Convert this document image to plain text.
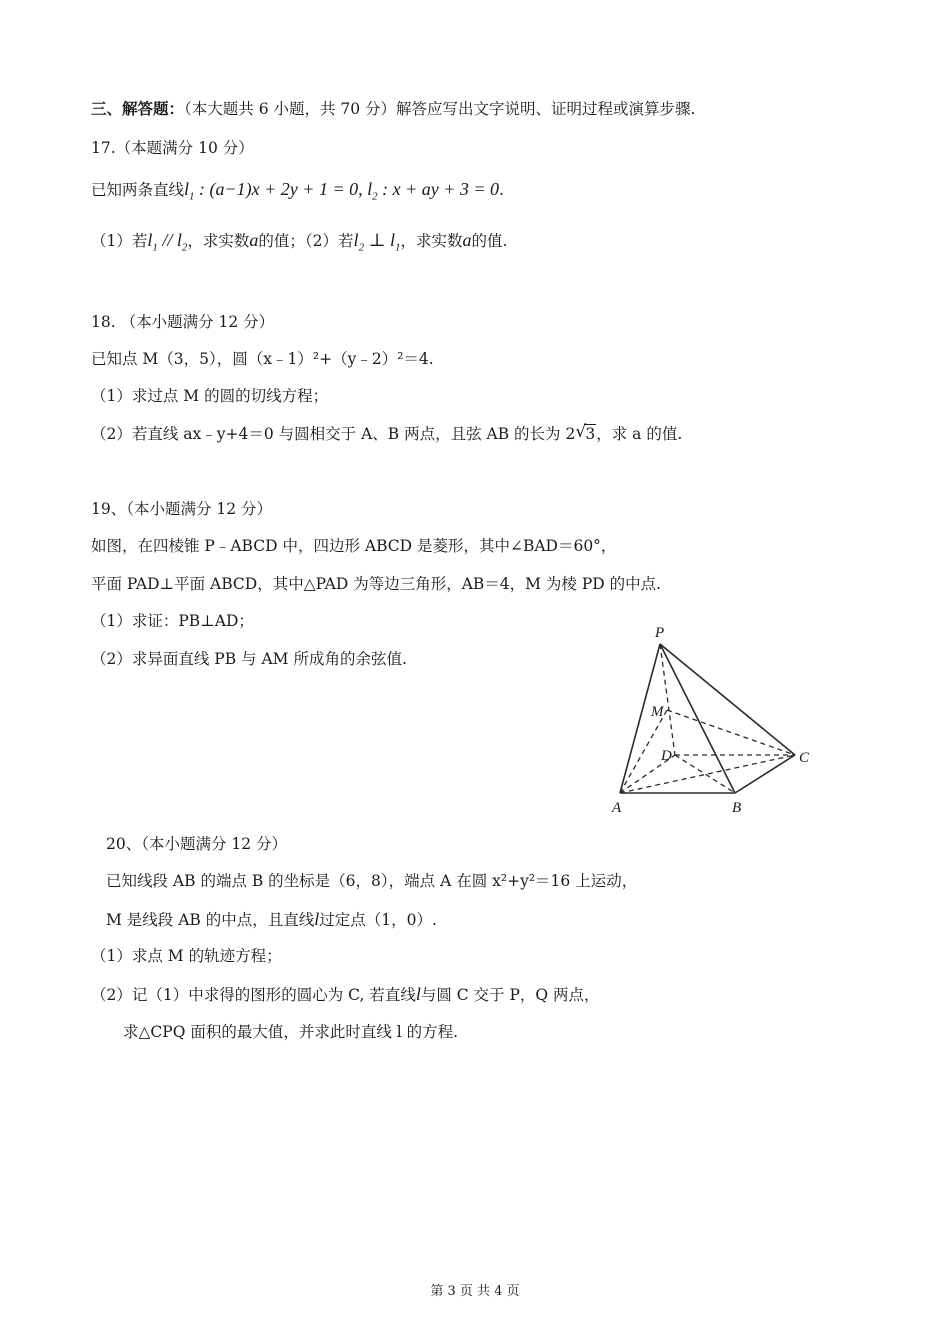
三、解答题：（本大题共 6 小题，共 70 分）解答应写出文字说明、证明过程或演算步骤.
17.（本题满分 10 分）
已知两条直线$l_1$ : (a−1)x + 2y + 1 = 0, $l_2$ : x + ay + 3 = 0.
（1）若$l_1 // l_2$，求实数a的值；（2）若$l_2$ ⊥ $l_1$，求实数a的值.
18. （本小题满分 12 分）
已知点 M（3，5），圆（x﹣1）²+（y﹣2）²＝4.
（1）求过点 M 的圆的切线方程；
（2）若直线 ax﹣y+4＝0 与圆相交于 A、B 两点，且弦 AB 的长为 2√ 3，求 a 的值.
19、（本小题满分 12 分）
如图，在四棱锥 P﹣ABCD 中，四边形 ABCD 是菱形，其中∠BAD＝60°，
平面 PAD⊥平面 ABCD，其中△PAD 为等边三角形，AB＝4，M 为棱 PD 的中点.
（1）求证：PB⊥AD；
（2）求异面直线 PB 与 AM 所成角的余弦值.
P
M
D	C
A	B
20、（本小题满分 12 分）
已知线段 AB 的端点 B 的坐标是（6，8），端点 A 在圆 x²+y²＝16 上运动，
M 是线段 AB 的中点，且直线l过定点（1，0）.
（1）求点 M 的轨迹方程；
（2）记（1）中求得的图形的圆心为 C, 若直线l与圆 C 交于 P，Q 两点，
求△CPQ 面积的最大值，并求此时直线 l 的方程.
第 3 页 共 4 页
